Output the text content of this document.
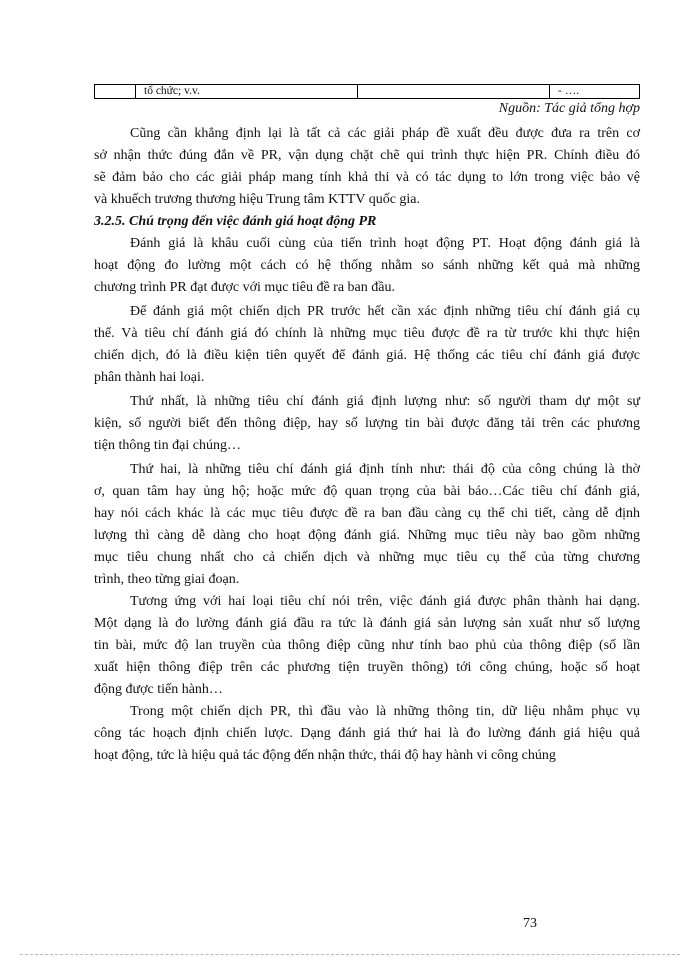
tổ chức; v.v.	- ….
Nguồn: Tác giả tổng hợp
Cũng cần khẳng định lại là tất cả các giải pháp đề xuất đều được đưa ra trên cơ
sở nhận thức đúng đắn về PR, vận dụng chặt chẽ qui trình thực hiện PR. Chính điều đó
sẽ đảm bảo cho các giải pháp mang tính khả thi và có tác dụng to lớn trong việc bảo vệ
và khuếch trương thương hiệu Trung tâm KTTV quốc gia.
3.2.5. Chú trọng đến việc đánh giá hoạt động PR
Đánh giá là khâu cuối cùng của tiến trình hoạt động PT. Hoạt động đánh giá là
hoạt động đo lường một cách có hệ thống nhằm so sánh những kết quả mà những
chương trình PR đạt được với mục tiêu đề ra ban đầu.
Để đánh giá một chiến dịch PR trước hết cần xác định những tiêu chí đánh giá cụ
thể. Và tiêu chí đánh giá đó chính là những mục tiêu được đề ra từ trước khi thực hiện
chiến dịch, đó là điều kiện tiên quyết để đánh giá. Hệ thống các tiêu chí đánh giá được
phân thành hai loại.
Thứ nhất, là những tiêu chí đánh giá định lượng như: số người tham dự một sự
kiện, số người biết đến thông điệp, hay số lượng tin bài được đăng tải trên các phương
tiện thông tin đại chúng…
Thứ hai, là những tiêu chí đánh giá định tính như: thái độ của công chúng là thờ
ơ, quan tâm hay ủng hộ; hoặc mức độ quan trọng của bài báo…Các tiêu chí đánh giá,
hay nói cách khác là các mục tiêu được đề ra ban đầu càng cụ thể chi tiết, càng dễ định
lượng thì càng dễ dàng cho hoạt động đánh giá. Những mục tiêu này bao gồm những
mục tiêu chung nhất cho cả chiến dịch và những mục tiêu cụ thể của từng chương
trình, theo từng giai đoạn.
Tương ứng với hai loại tiêu chí nói trên, việc đánh giá được phân thành hai dạng.
Một dạng là đo lường đánh giá đầu ra tức là đánh giá sản lượng sản xuất như số lượng
tin bài, mức độ lan truyền của thông điệp cũng như tính bao phủ của thông điệp (số lần
xuất hiện thông điệp trên các phương tiện truyền thông) tới công chúng, hoặc số hoạt
động được tiến hành…
Trong một chiến dịch PR, thì đầu vào là những thông tin, dữ liệu nhằm phục vụ
công tác hoạch định chiến lược. Dạng đánh giá thứ hai là đo lường đánh giá hiệu quả
hoạt động, tức là hiệu quả tác động đến nhận thức, thái độ hay hành vi công chúng
73
